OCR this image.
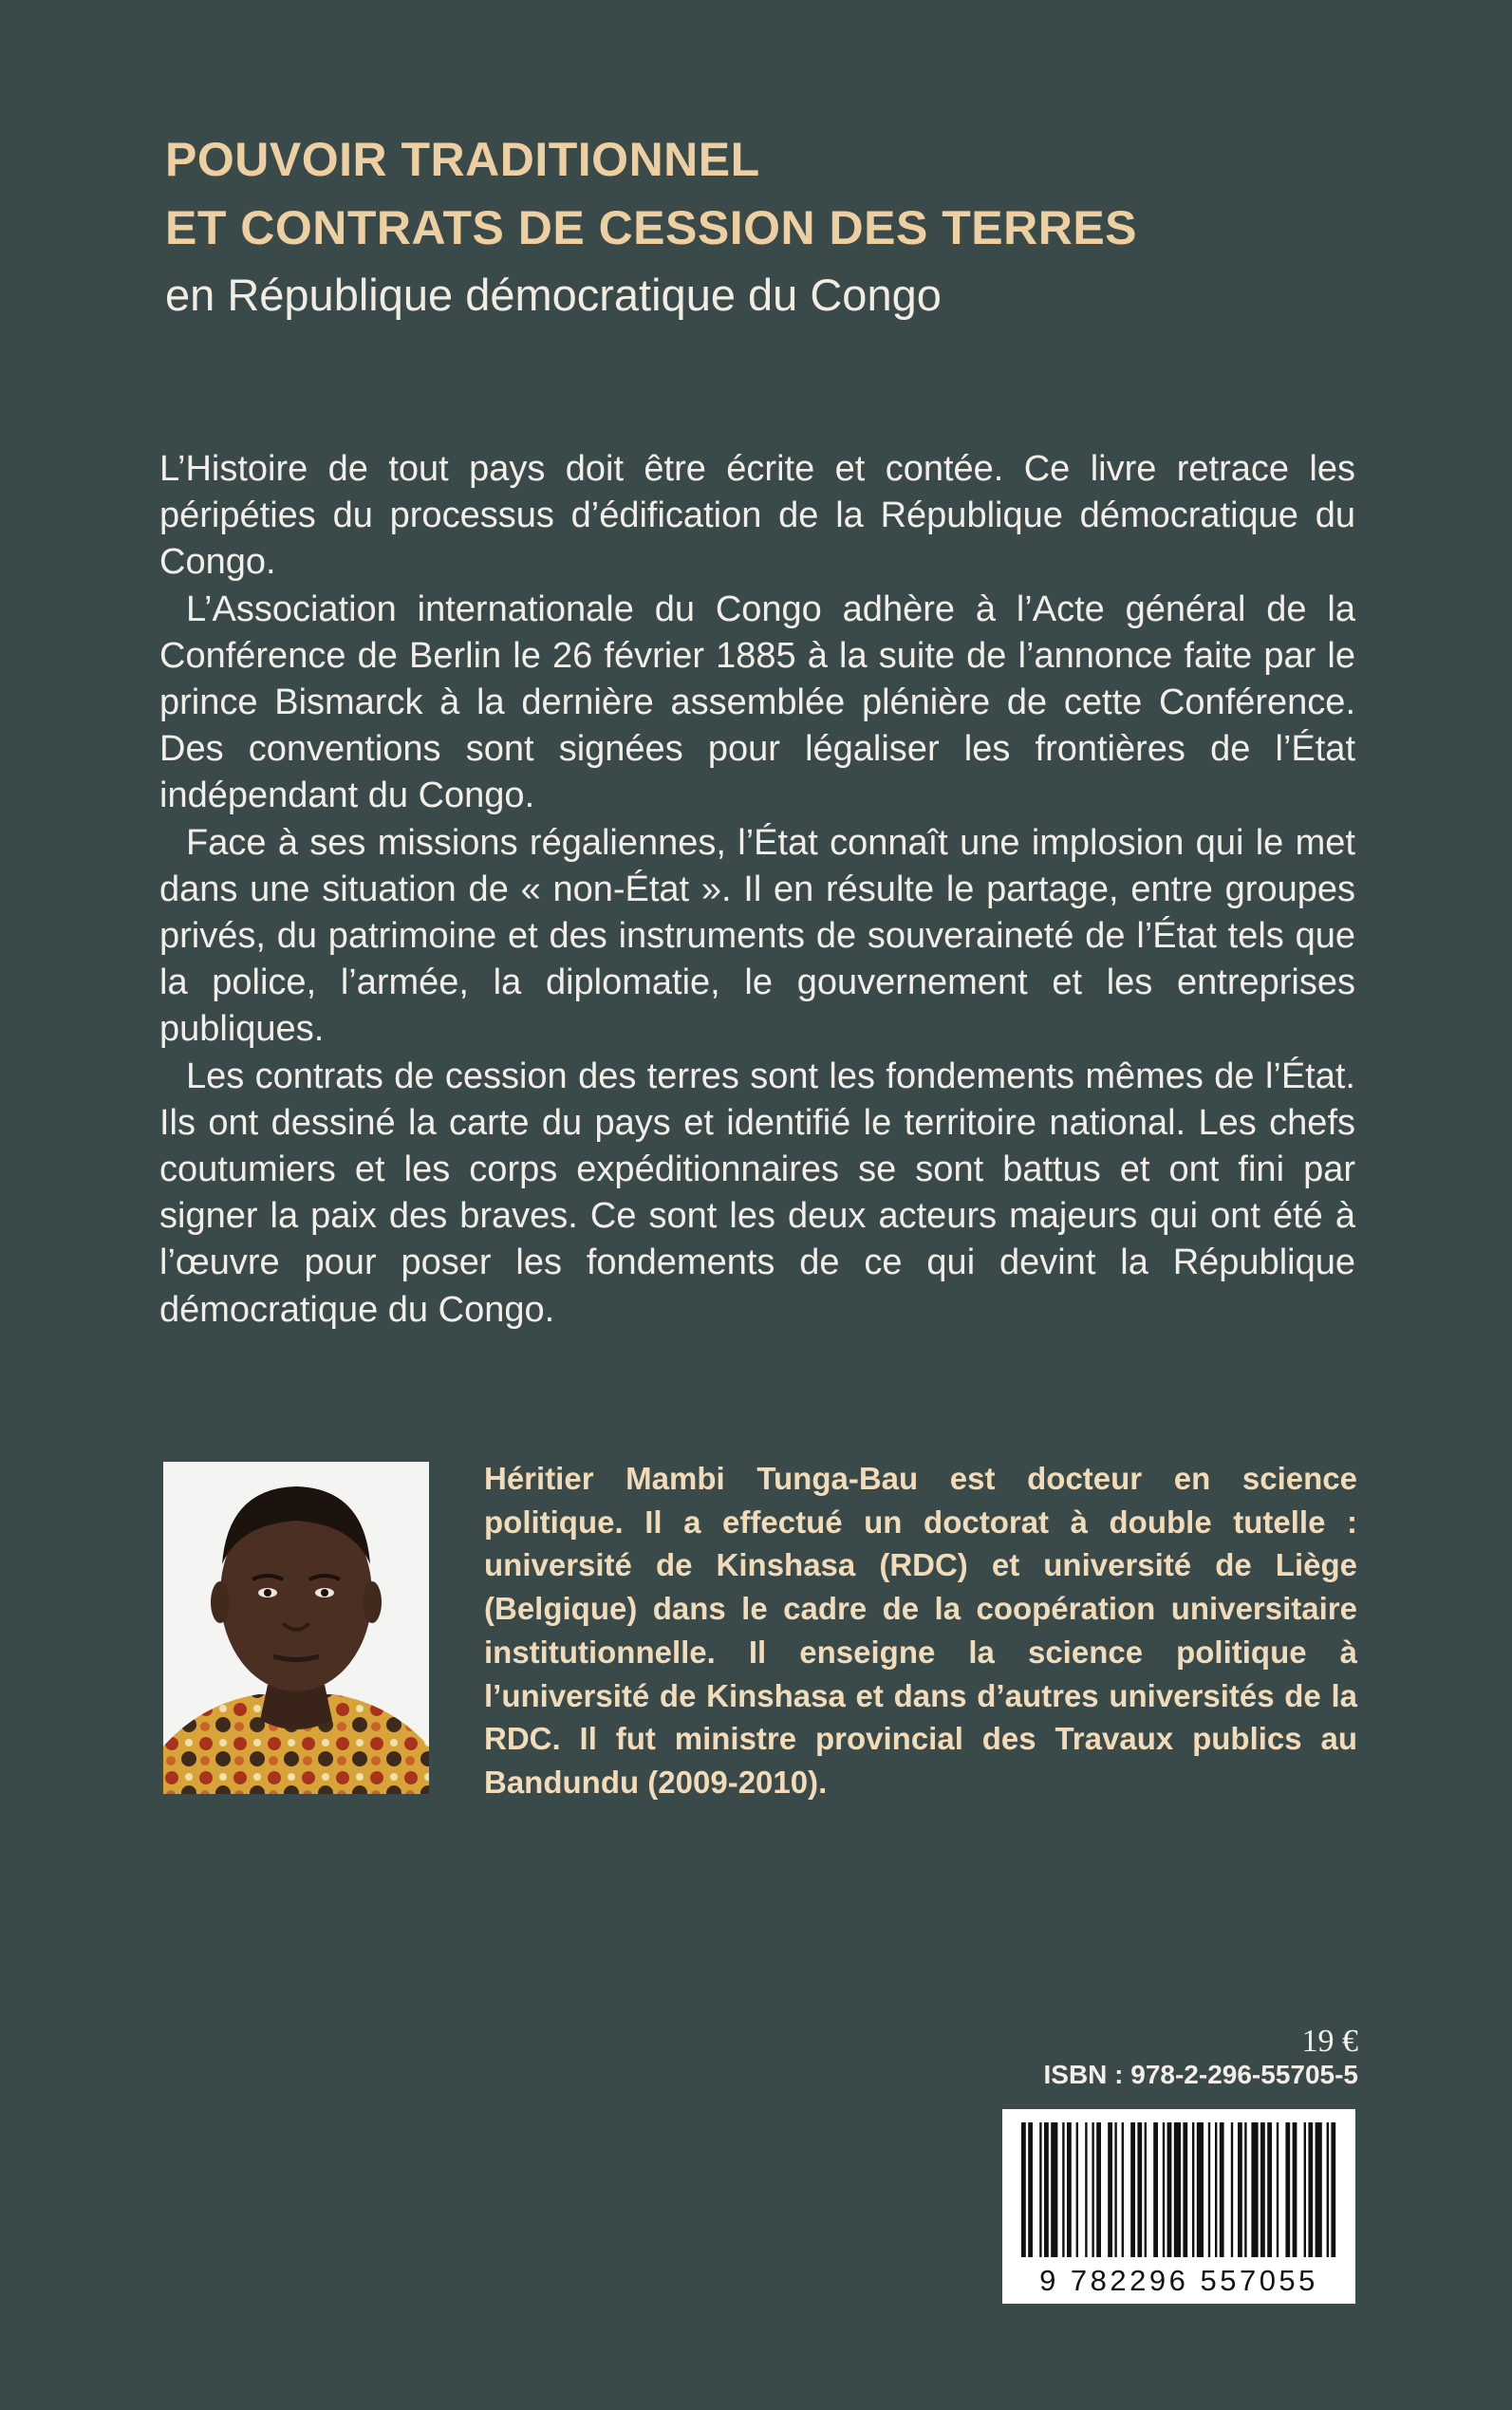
POUVOIR TRADITIONNEL
ET CONTRATS DE CESSION DES TERRES
en République démocratique du Congo

L’Histoire de tout pays doit être écrite et contée. Ce livre retrace les péripéties du processus d’édification de la République démocratique du Congo.

L’Association internationale du Congo adhère à l’Acte général de la Conférence de Berlin le 26 février 1885 à la suite de l’annonce faite par le prince Bismarck à la dernière assemblée plénière de cette Conférence. Des conventions sont signées pour légaliser les frontières de l’État indépendant du Congo.

Face à ses missions régaliennes, l’État connaît une implosion qui le met dans une situation de « non-État ». Il en résulte le partage, entre groupes privés, du patrimoine et des instruments de souveraineté de l’État tels que la police, l’armée, la diplomatie, le gouvernement et les entreprises publiques.

Les contrats de cession des terres sont les fondements mêmes de l’État. Ils ont dessiné la carte du pays et identifié le territoire national. Les chefs coutumiers et les corps expéditionnaires se sont battus et ont fini par signer la paix des braves. Ce sont les deux acteurs majeurs qui ont été à l’œuvre pour poser les fondements de ce qui devint la République démocratique du Congo.

Héritier Mambi Tunga-Bau est docteur en science politique. Il a effectué un doctorat à double tutelle : université de Kinshasa (RDC) et université de Liège (Belgique) dans le cadre de la coopération universitaire institutionnelle. Il enseigne la science politique à l’université de Kinshasa et dans d’autres universités de la RDC. Il fut ministre provincial des Travaux publics au Bandundu (2009-2010).
19 €
ISBN : 978-2-296-55705-5
9 782296 557055
